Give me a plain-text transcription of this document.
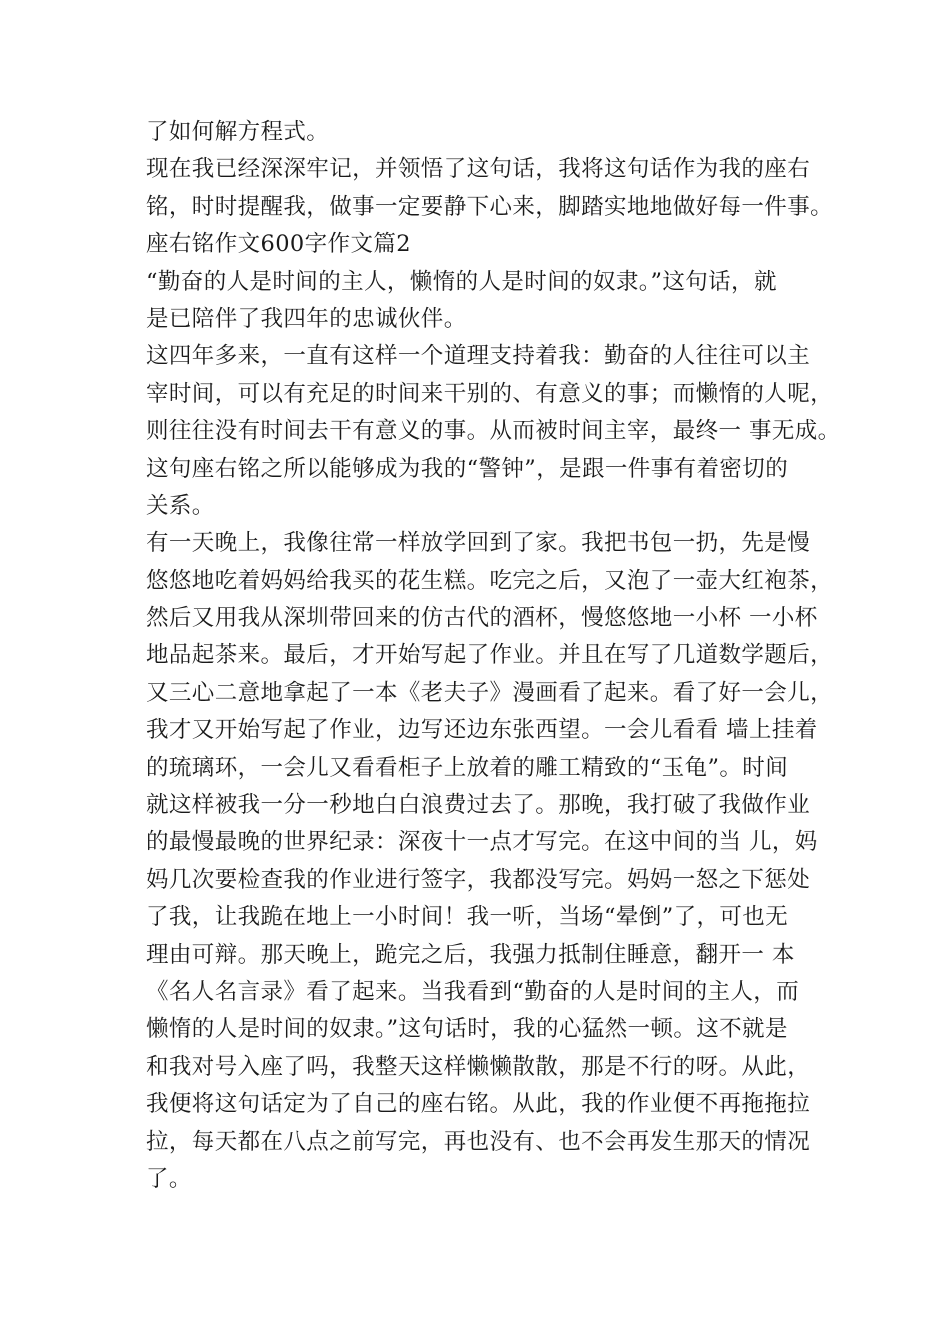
了如何解方程式。
现在我已经深深牢记，并领悟了这句话，我将这句话作为我的座右
铭，时时提醒我，做事一定要静下心来，脚踏实地地做好每一件事。
座右铭作文600字作文篇2
“勤奋的人是时间的主人，懒惰的人是时间的奴隶。”这句话，就
是已陪伴了我四年的忠诚伙伴。
这四年多来，一直有这样一个道理支持着我：勤奋的人往往可以主
宰时间，可以有充足的时间来干别的、有意义的事；而懒惰的人呢，
则往往没有时间去干有意义的事。从而被时间主宰，最终一 事无成。
这句座右铭之所以能够成为我的“警钟”，是跟一件事有着密切的
关系。
有一天晚上，我像往常一样放学回到了家。我把书包一扔，先是慢
悠悠地吃着妈妈给我买的花生糕。吃完之后，又泡了一壶大红袍茶，
然后又用我从深圳带回来的仿古代的酒杯，慢悠悠地一小杯 一小杯
地品起茶来。最后，才开始写起了作业。并且在写了几道数学题后，
又三心二意地拿起了一本《老夫子》漫画看了起来。看了好一会儿，
我才又开始写起了作业，边写还边东张西望。一会儿看看 墙上挂着
的琉璃环，一会儿又看看柜子上放着的雕工精致的“玉龟”。时间
就这样被我一分一秒地白白浪费过去了。那晚，我打破了我做作业
的最慢最晚的世界纪录：深夜十一点才写完。在这中间的当 儿，妈
妈几次要检查我的作业进行签字，我都没写完。妈妈一怒之下惩处
了我，让我跪在地上一小时间！我一听，当场“晕倒”了，可也无
理由可辩。那天晚上，跪完之后，我强力抵制住睡意，翻开一 本
《名人名言录》看了起来。当我看到“勤奋的人是时间的主人，而
懒惰的人是时间的奴隶。”这句话时，我的心猛然一顿。这不就是
和我对号入座了吗，我整天这样懒懒散散，那是不行的呀。从此，
我便将这句话定为了自己的座右铭。从此，我的作业便不再拖拖拉
拉，每天都在八点之前写完，再也没有、也不会再发生那天的情况
了。
